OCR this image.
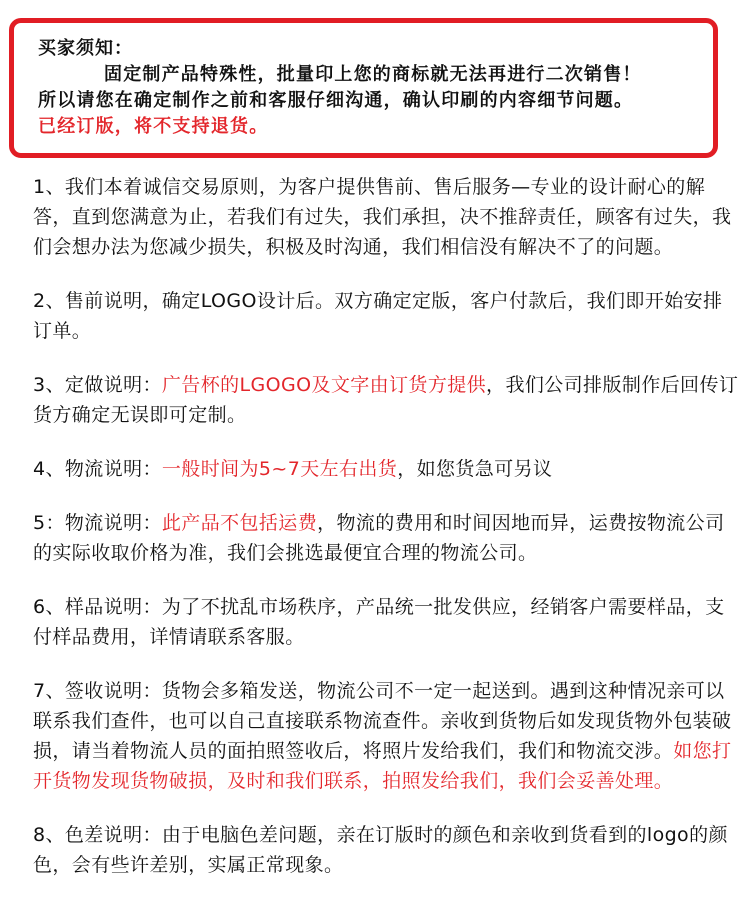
买家须知：
固定制产品特殊性，批量印上您的商标就无法再进行二次销售！
所以请您在确定制作之前和客服仔细沟通，确认印刷的内容细节问题。
已经订版，将不支持退货。

1、我们本着诚信交易原则，为客户提供售前、售后服务—专业的设计耐心的解答，直到您满意为止，若我们有过失，我们承担，决不推辞责任，顾客有过失，我们会想办法为您减少损失，积极及时沟通，我们相信没有解决不了的问题。

2、售前说明，确定LOGO设计后。双方确定定版，客户付款后，我们即开始安排订单。

3、定做说明：广告杯的LGOGO及文字由订货方提供，我们公司排版制作后回传订货方确定无误即可定制。

4、物流说明：一般时间为5~7天左右出货，如您货急可另议

5：物流说明：此产品不包括运费，物流的费用和时间因地而异，运费按物流公司的实际收取价格为准，我们会挑选最便宜合理的物流公司。

6、样品说明：为了不扰乱市场秩序，产品统一批发供应，经销客户需要样品，支付样品费用，详情请联系客服。

7、签收说明：货物会多箱发送，物流公司不一定一起送到。遇到这种情况亲可以联系我们查件，也可以自己直接联系物流查件。亲收到货物后如发现货物外包装破损，请当着物流人员的面拍照签收后，将照片发给我们，我们和物流交涉。如您打开货物发现货物破损，及时和我们联系，拍照发给我们，我们会妥善处理。

8、色差说明：由于电脑色差问题，亲在订版时的颜色和亲收到货看到的logo的颜色，会有些许差别，实属正常现象。
